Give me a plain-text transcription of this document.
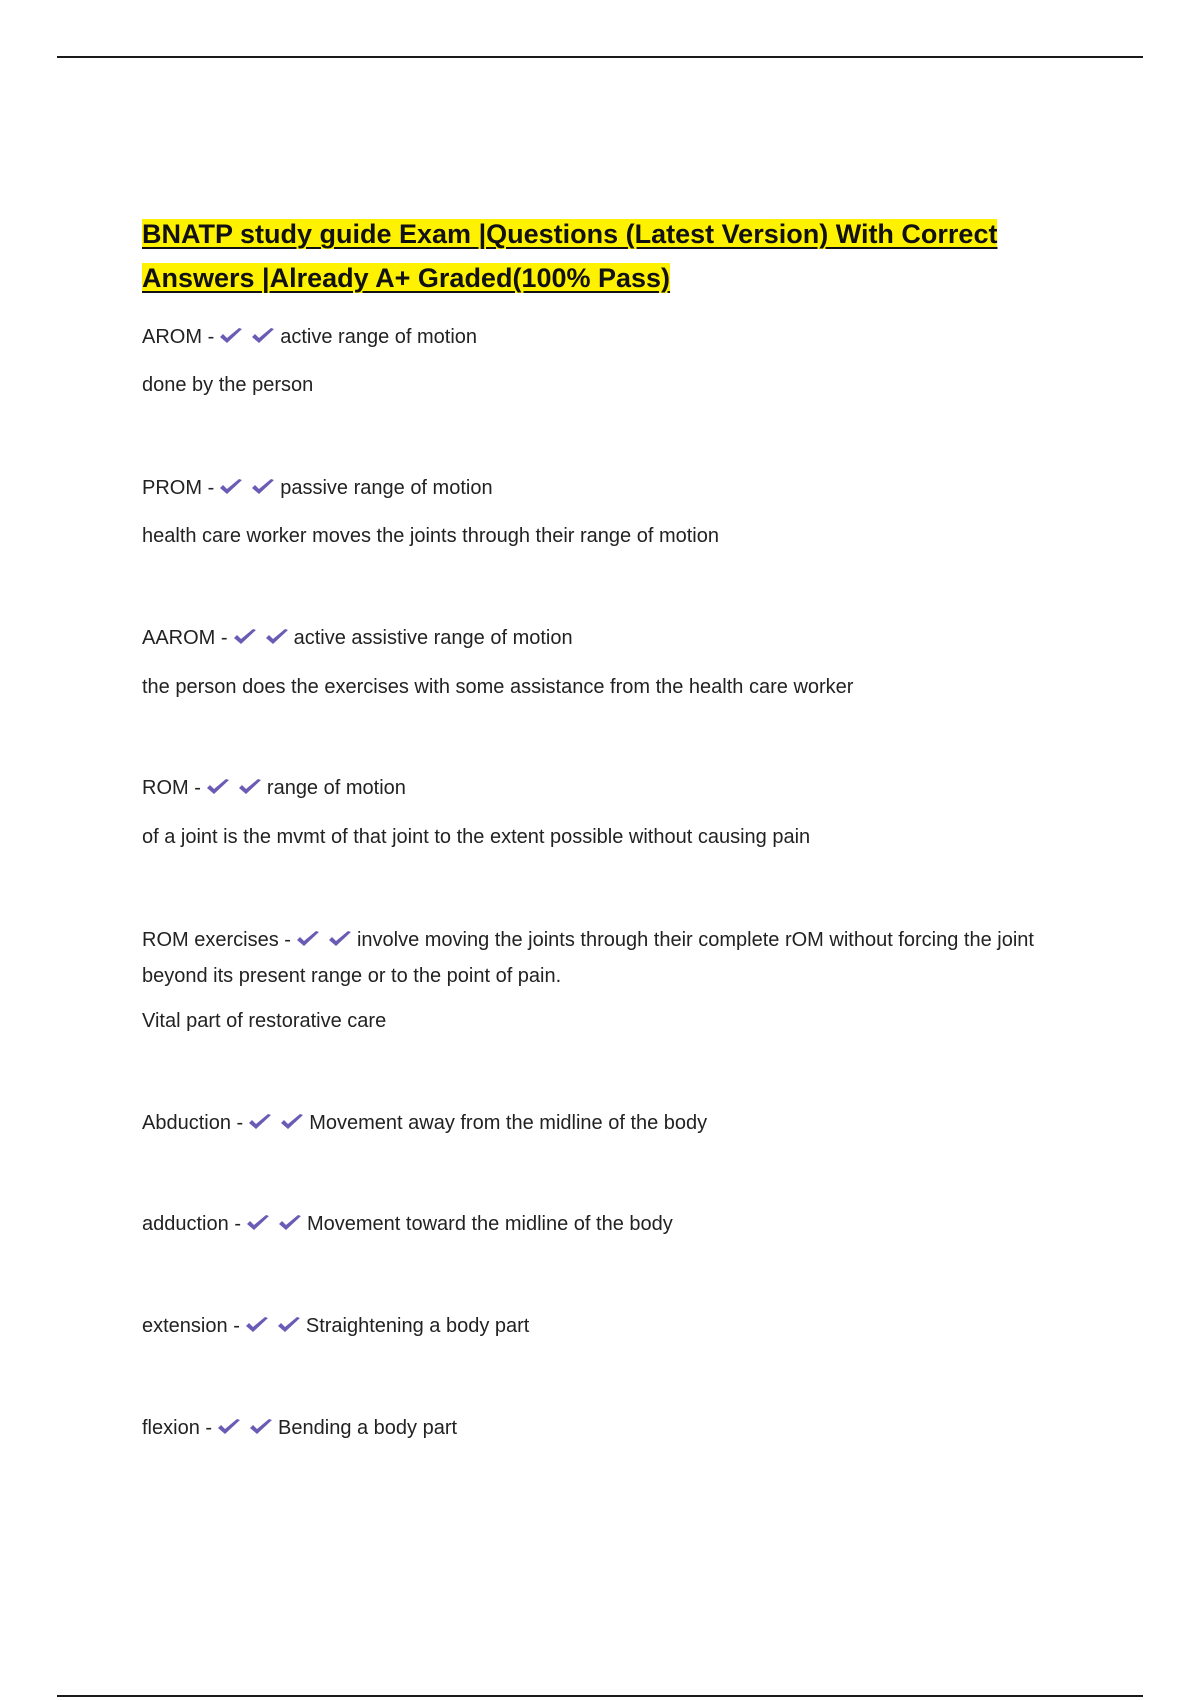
BNATP study guide Exam |Questions (Latest Version) With Correct Answers |Already A+ Graded(100% Pass)
AROM -	active range of motion
done by the person
PROM -	passive range of motion
health care worker moves the joints through their range of motion
AAROM -	active assistive range of motion
the person does the exercises with some assistance from the health care worker
ROM -	range of motion
of a joint is the mvmt of that joint to the extent possible without causing pain
ROM exercises -	involve moving the joints through their complete rOM without forcing the joint beyond its present range or to the point of pain.
Vital part of restorative care
Abduction -	Movement away from the midline of the body
adduction -	Movement toward the midline of the body
extension -	Straightening a body part
flexion -	Bending a body part
